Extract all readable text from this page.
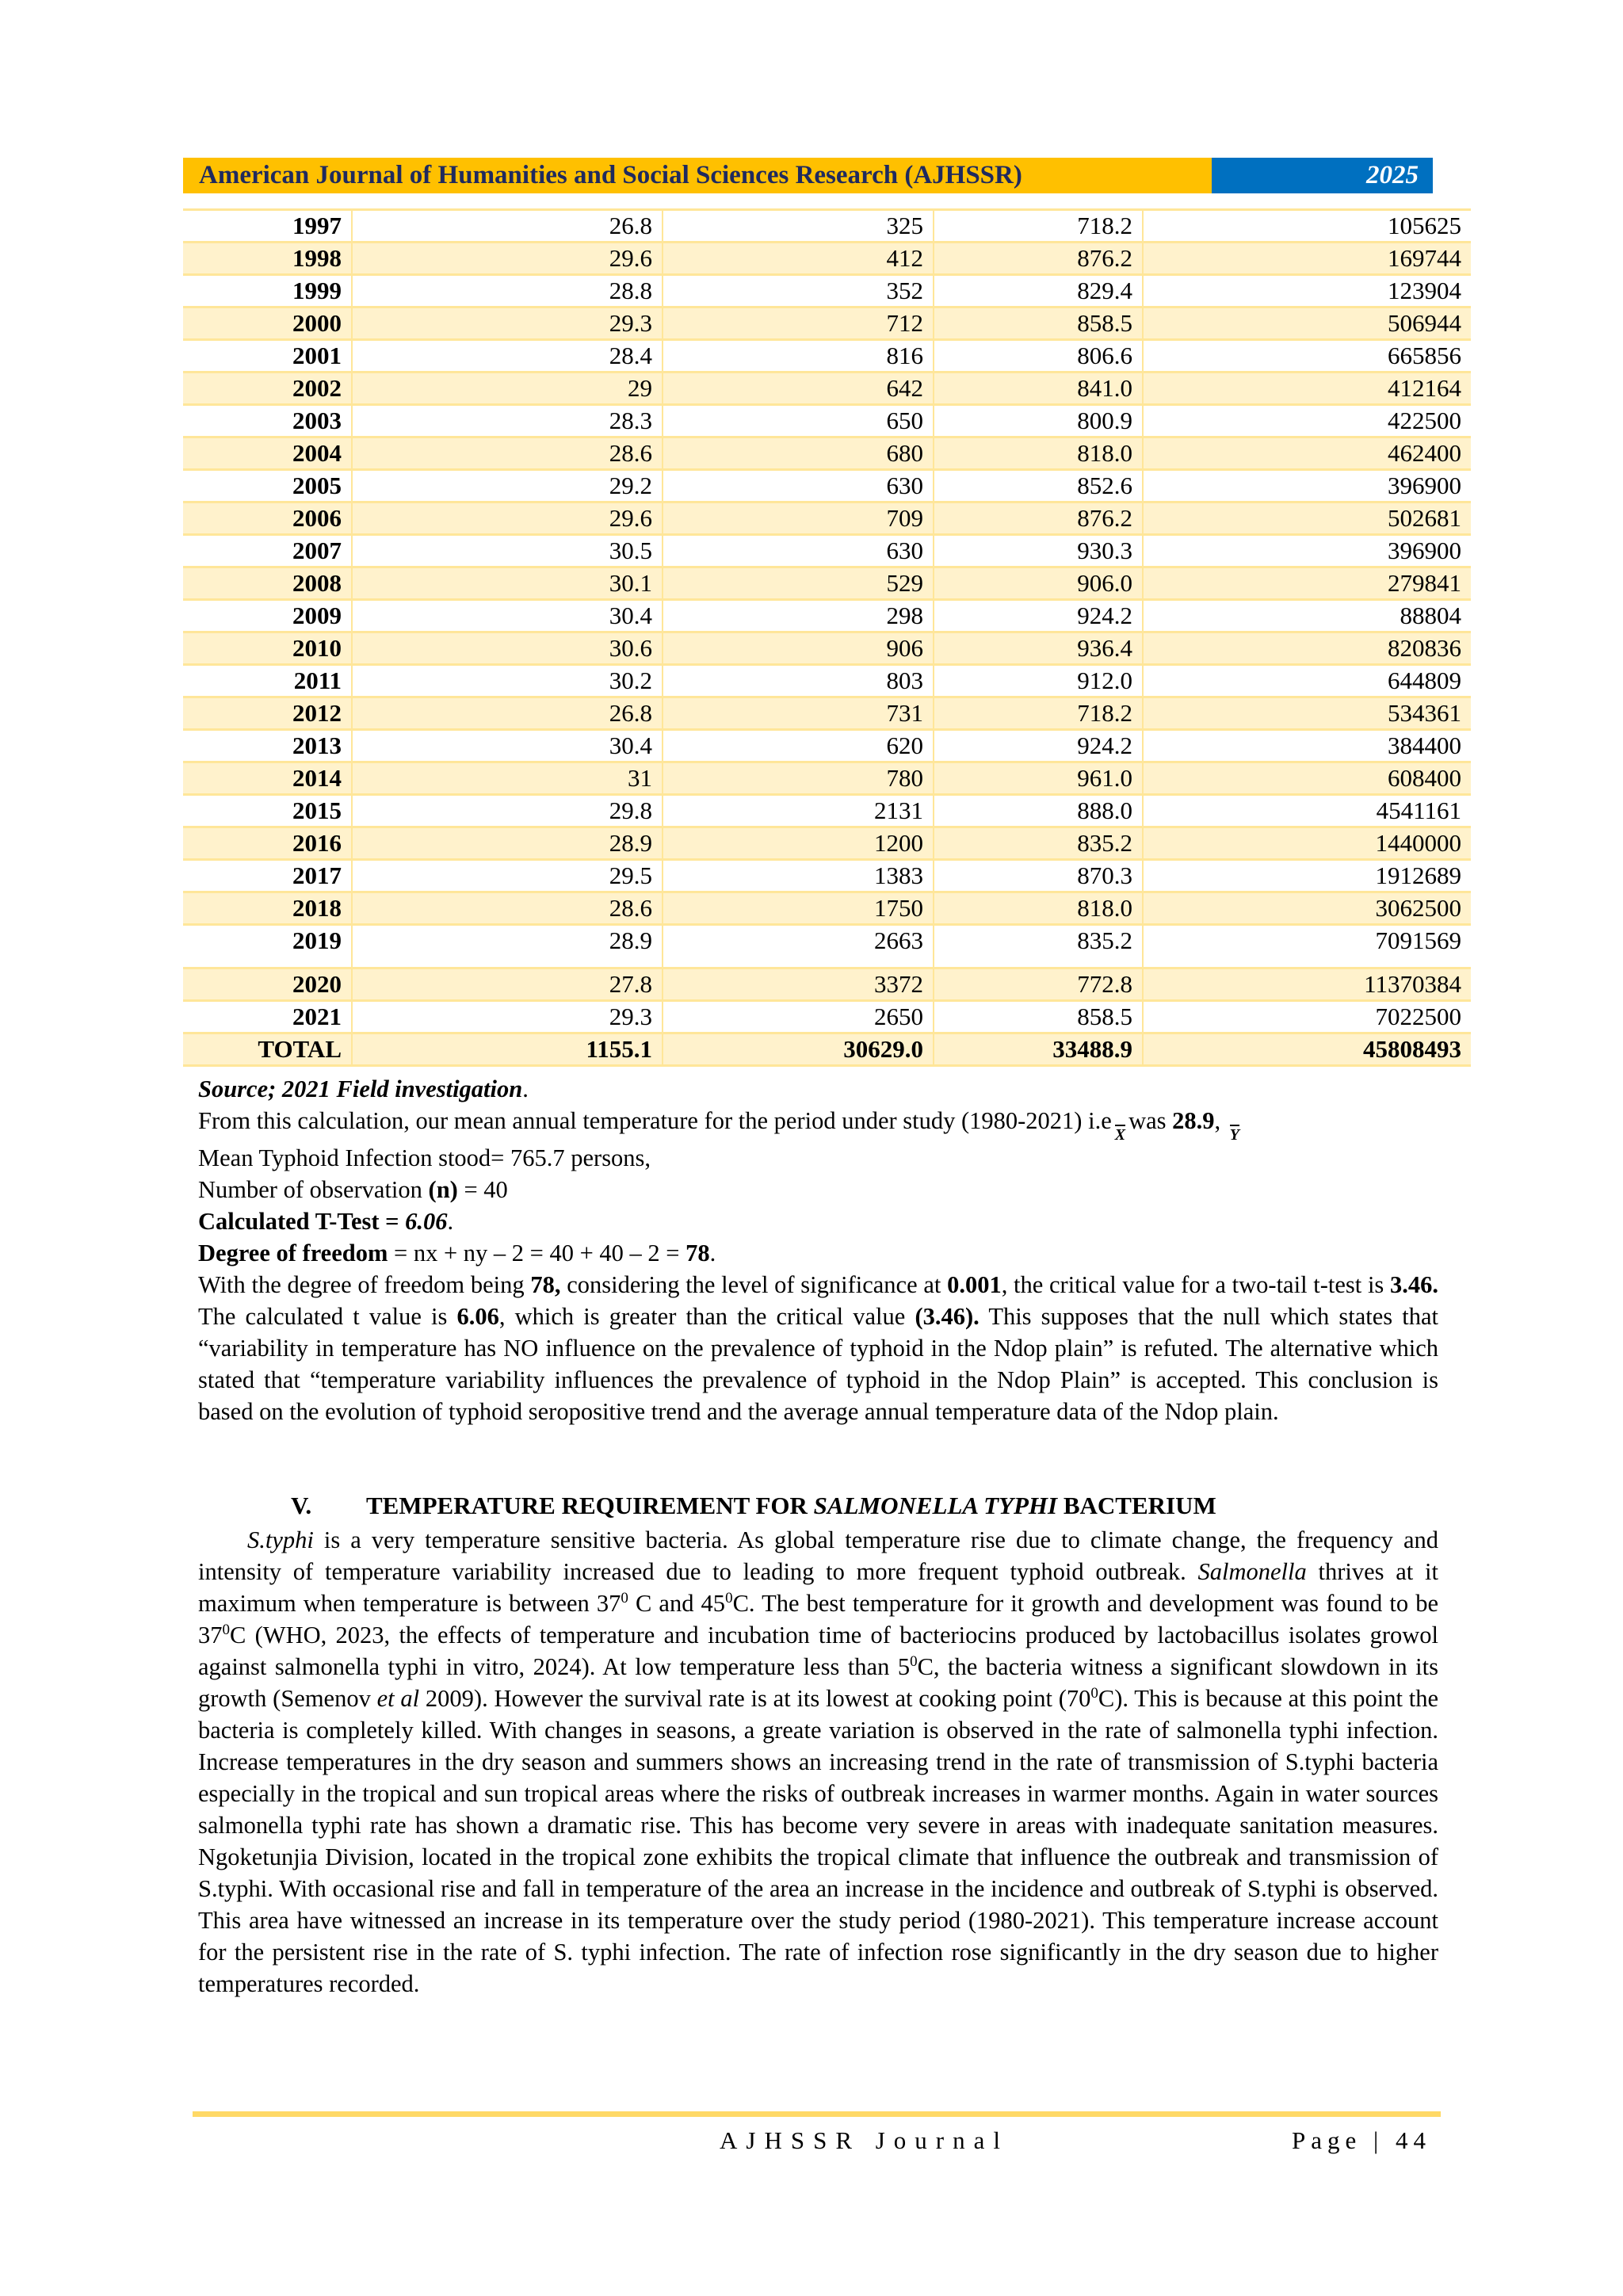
American Journal of Humanities and Social Sciences Research (AJHSSR)	2025
1997	26.8	325	718.2	105625
1998	29.6	412	876.2	169744
1999	28.8	352	829.4	123904
2000	29.3	712	858.5	506944
2001	28.4	816	806.6	665856
2002	29	642	841.0	412164
2003	28.3	650	800.9	422500
2004	28.6	680	818.0	462400
2005	29.2	630	852.6	396900
2006	29.6	709	876.2	502681
2007	30.5	630	930.3	396900
2008	30.1	529	906.0	279841
2009	30.4	298	924.2	88804
2010	30.6	906	936.4	820836
2011	30.2	803	912.0	644809
2012	26.8	731	718.2	534361
2013	30.4	620	924.2	384400
2014	31	780	961.0	608400
2015	29.8	2131	888.0	4541161
2016	28.9	1200	835.2	1440000
2017	29.5	1383	870.3	1912689
2018	28.6	1750	818.0	3062500
2019	28.9	2663	835.2	7091569
2020	27.8	3372	772.8	11370384
2021	29.3	2650	858.5	7022500
TOTAL	1155.1	30629.0	33488.9	45808493

Source; 2021 Field investigation.

From this calculation, our mean annual temperature for the period under study (1980-2021) i.eXwas 28.9, Y

Mean Typhoid Infection stood= 765.7 persons,

Number of observation (n) = 40

Calculated T-Test = 6.06.

Degree of freedom = nx + ny – 2 = 40 + 40 – 2 = 78.

With the degree of freedom being 78, considering the level of significance at 0.001, the critical value for a two-tail t-test is 3.46. The calculated t value is 6.06, which is greater than the critical value (3.46). This supposes that the null which states that “variability in temperature has NO influence on the prevalence of typhoid in the Ndop plain” is refuted. The alternative which stated that “temperature variability influences the prevalence of typhoid in the Ndop Plain” is accepted. This conclusion is based on the evolution of typhoid seropositive trend and the average annual temperature data of the Ndop plain.

V. TEMPERATURE REQUIREMENT FOR SALMONELLA TYPHI BACTERIUM

S.typhi is a very temperature sensitive bacteria. As global temperature rise due to climate change, the frequency and intensity of temperature variability increased due to leading to more frequent typhoid outbreak. Salmonella thrives at it maximum when temperature is between $37^0$ C and $45^0C$. The best temperature for it growth and development was found to be $37^0C$ (WHO, 2023, the effects of temperature and incubation time of bacteriocins produced by lactobacillus isolates growol against salmonella typhi in vitro, 2024). At low temperature less than $5^0C$, the bacteria witness a significant slowdown in its growth (Semenov et al 2009). However the survival rate is at its lowest at cooking point $(70^0C)$. This is because at this point the bacteria is completely killed. With changes in seasons, a greate variation is observed in the rate of salmonella typhi infection. Increase temperatures in the dry season and summers shows an increasing trend in the rate of transmission of S.typhi bacteria especially in the tropical and sun tropical areas where the risks of outbreak increases in warmer months. Again in water sources salmonella typhi rate has shown a dramatic rise. This has become very severe in areas with inadequate sanitation measures. Ngoketunjia Division, located in the tropical zone exhibits the tropical climate that influence the outbreak and transmission of S.typhi. With occasional rise and fall in temperature of the area an increase in the incidence and outbreak of S.typhi is observed. This area have witnessed an increase in its temperature over the study period (1980-2021). This temperature increase account for the persistent rise in the rate of S. typhi infection. The rate of infection rose significantly in the dry season due to higher temperatures recorded.

AJHSSR Journal	Page | 44
